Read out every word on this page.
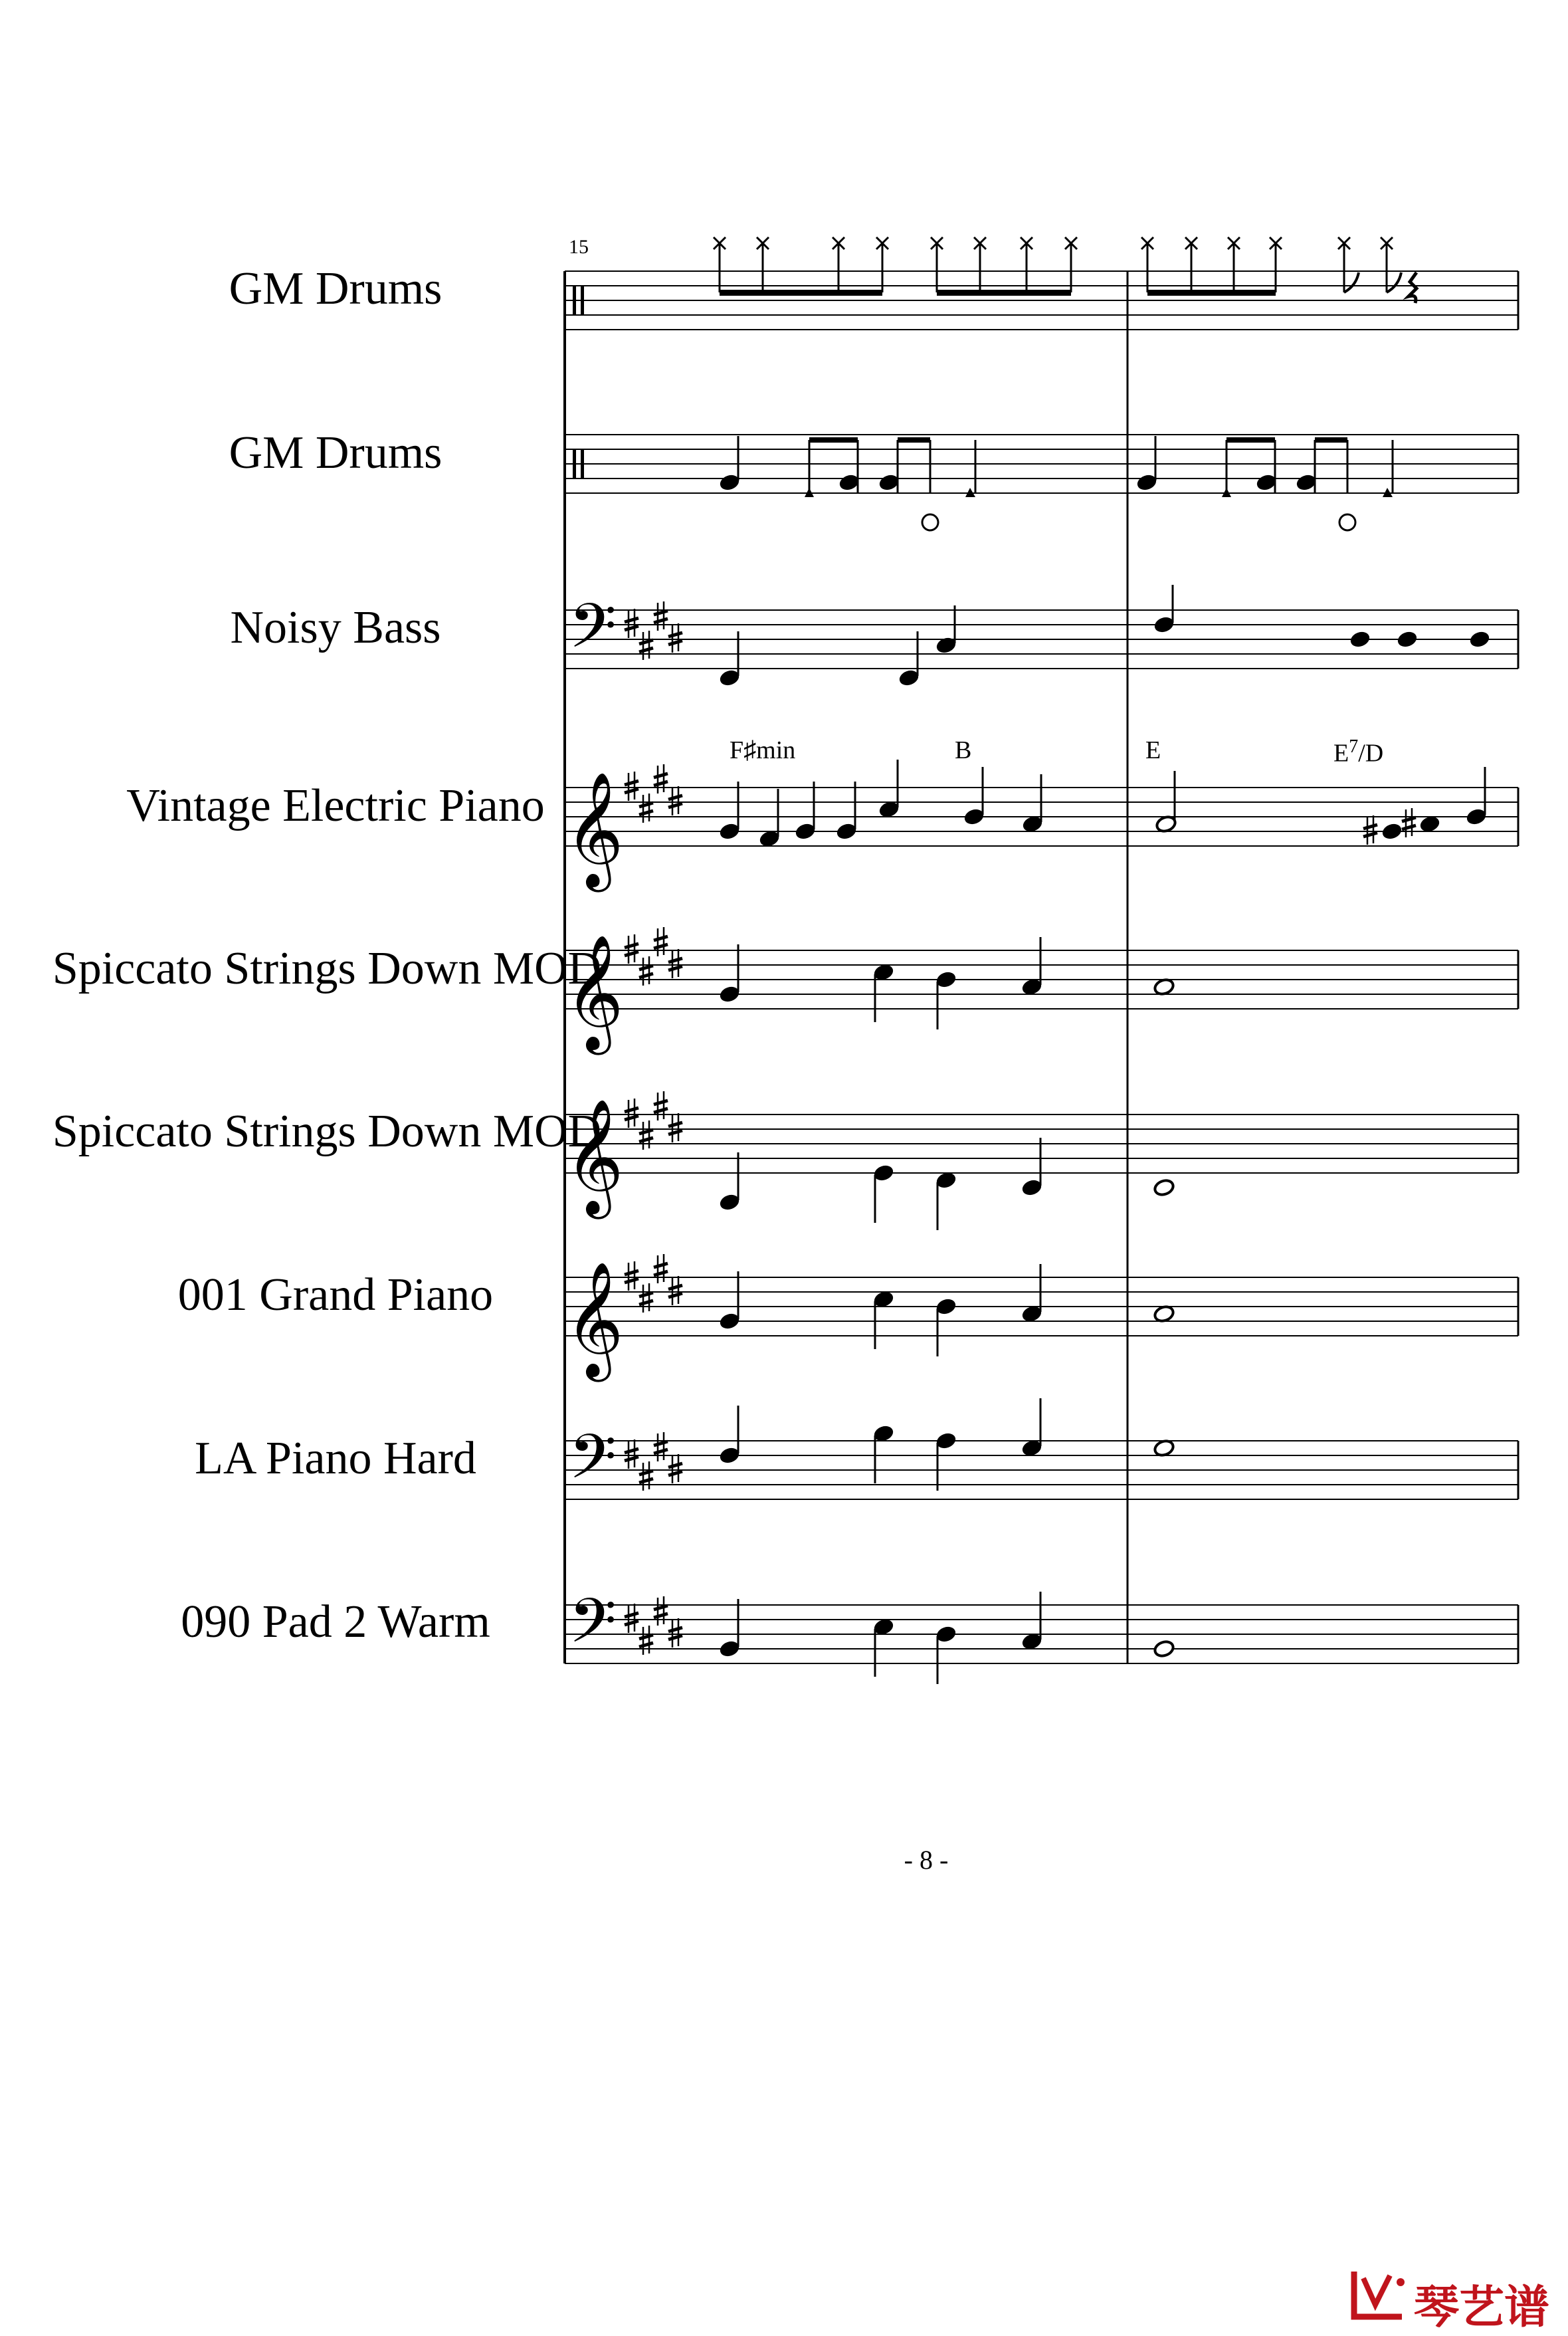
𝄢
𝄞
𝄞
𝄞
𝄞
𝄢
𝄢
15
GM Drums
GM Drums
Noisy Bass
Vintage Electric Piano
Spiccato Strings Down MOD
Spiccato Strings Down MOD
001 Grand Piano
LA Piano Hard
090 Pad 2 Warm
F♯min	B	E	$E^7/D$
- 8 -
琴艺谱
